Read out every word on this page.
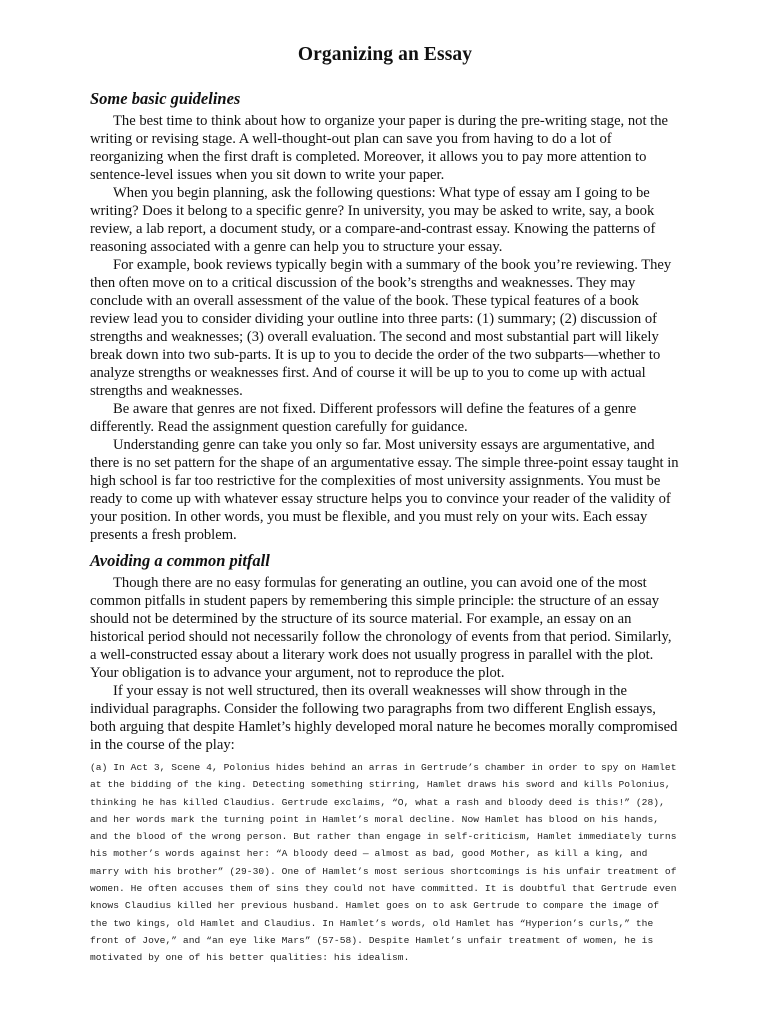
Organizing an Essay
Some basic guidelines

The best time to think about how to organize your paper is during the pre-writing stage, not the writing or revising stage. A well-thought-out plan can save you from having to do a lot of reorganizing when the first draft is completed. Moreover, it allows you to pay more attention to sentence-level issues when you sit down to write your paper.

When you begin planning, ask the following questions: What type of essay am I going to be writing? Does it belong to a specific genre? In university, you may be asked to write, say, a book review, a lab report, a document study, or a compare-and-contrast essay. Knowing the patterns of reasoning associated with a genre can help you to structure your essay.

For example, book reviews typically begin with a summary of the book you’re reviewing. They then often move on to a critical discussion of the book’s strengths and weaknesses. They may conclude with an overall assessment of the value of the book. These typical features of a book review lead you to consider dividing your outline into three parts: (1) summary; (2) discussion of strengths and weaknesses; (3) overall evaluation. The second and most substantial part will likely break down into two sub-parts. It is up to you to decide the order of the two subparts—whether to analyze strengths or weaknesses first. And of course it will be up to you to come up with actual strengths and weaknesses.

Be aware that genres are not fixed. Different professors will define the features of a genre differently. Read the assignment question carefully for guidance.

Understanding genre can take you only so far. Most university essays are argumentative, and there is no set pattern for the shape of an argumentative essay. The simple three-point essay taught in high school is far too restrictive for the complexities of most university assignments. You must be ready to come up with whatever essay structure helps you to convince your reader of the validity of your position. In other words, you must be flexible, and you must rely on your wits. Each essay presents a fresh problem.

Avoiding a common pitfall

Though there are no easy formulas for generating an outline, you can avoid one of the most common pitfalls in student papers by remembering this simple principle: the structure of an essay should not be determined by the structure of its source material. For example, an essay on an historical period should not necessarily follow the chronology of events from that period. Similarly, a well-constructed essay about a literary work does not usually progress in parallel with the plot. Your obligation is to advance your argument, not to reproduce the plot.

If your essay is not well structured, then its overall weaknesses will show through in the individual paragraphs. Consider the following two paragraphs from two different English essays, both arguing that despite Hamlet’s highly developed moral nature he becomes morally compromised in the course of the play:

(a) In Act 3, Scene 4, Polonius hides behind an arras in Gertrude’s chamber in order to spy on Hamlet at the bidding of the king. Detecting something stirring, Hamlet draws his sword and kills Polonius, thinking he has killed Claudius. Gertrude exclaims, “O, what a rash and bloody deed is this!” (28), and her words mark the turning point in Hamlet’s moral decline. Now Hamlet has blood on his hands, and the blood of the wrong person. But rather than engage in self-criticism, Hamlet immediately turns his mother’s words against her: “A bloody deed — almost as bad, good Mother, as kill a king, and marry with his brother” (29-30). One of Hamlet’s most serious shortcomings is his unfair treatment of women. He often accuses them of sins they could not have committed. It is doubtful that Gertrude even knows Claudius killed her previous husband. Hamlet goes on to ask Gertrude to compare the image of the two kings, old Hamlet and Claudius. In Hamlet’s words, old Hamlet has “Hyperion’s curls,” the front of Jove,” and “an eye like Mars” (57-58). Despite Hamlet’s unfair treatment of women, he is motivated by one of his better qualities: his idealism.
